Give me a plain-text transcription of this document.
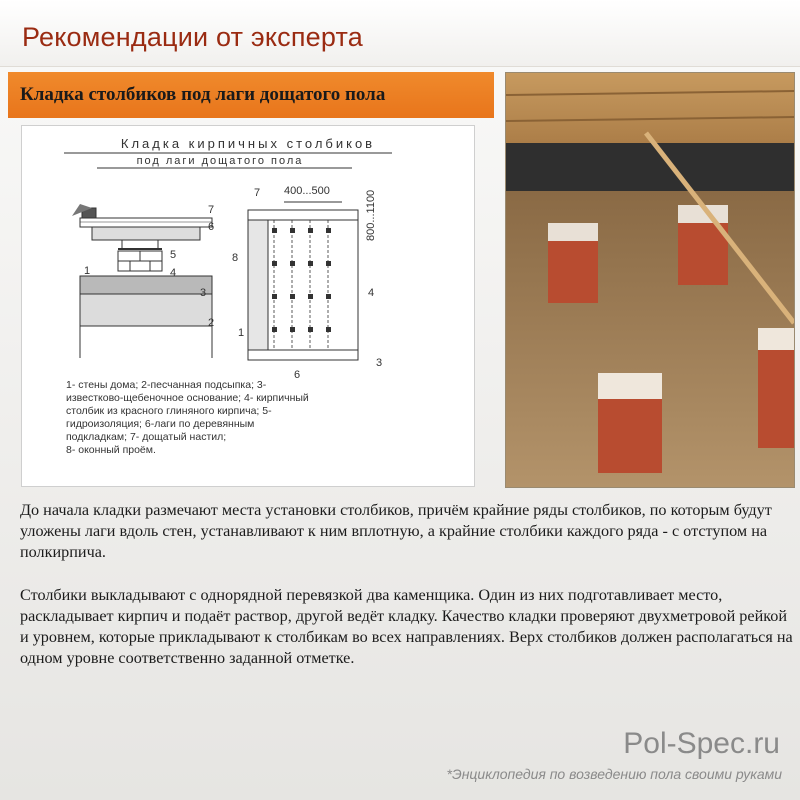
Рекомендации от эксперта
Кладка столбиков под лаги дощатого пола
Кладка кирпичных столбиков
под лаги дощатого пола
7
6
5
4
3
2
1
400...500	800...1100
7
8
4
1
6
3
1- стены дома; 2-песчанная подсыпка; 3-
известково-щебеночное основание; 4- кирпичный
столбик из красного глиняного кирпича; 5-
гидроизоляция; 6-лаги по деревянным
подкладкам; 7- дощатый настил;
8- оконный проём.

До начала кладки размечают места установки столбиков, причём крайние ряды столбиков, по которым будут уложены лаги вдоль стен, устанавливают к ним вплотную, а крайние столбики каждого ряда - с отступом на полкирпича.

Столбики выкладывают с однорядной перевязкой два каменщика. Один из них подготавливает место, раскладывает кирпич и подаёт раствор, другой ведёт кладку. Качество кладки проверяют двухметровой рейкой и уровнем, которые прикладывают к столбикам во всех направлениях. Верх столбиков должен располагаться на одном уровне соответственно заданной отметке.

Pol-Spec.ru
*Энциклопедия по возведению пола своими руками
